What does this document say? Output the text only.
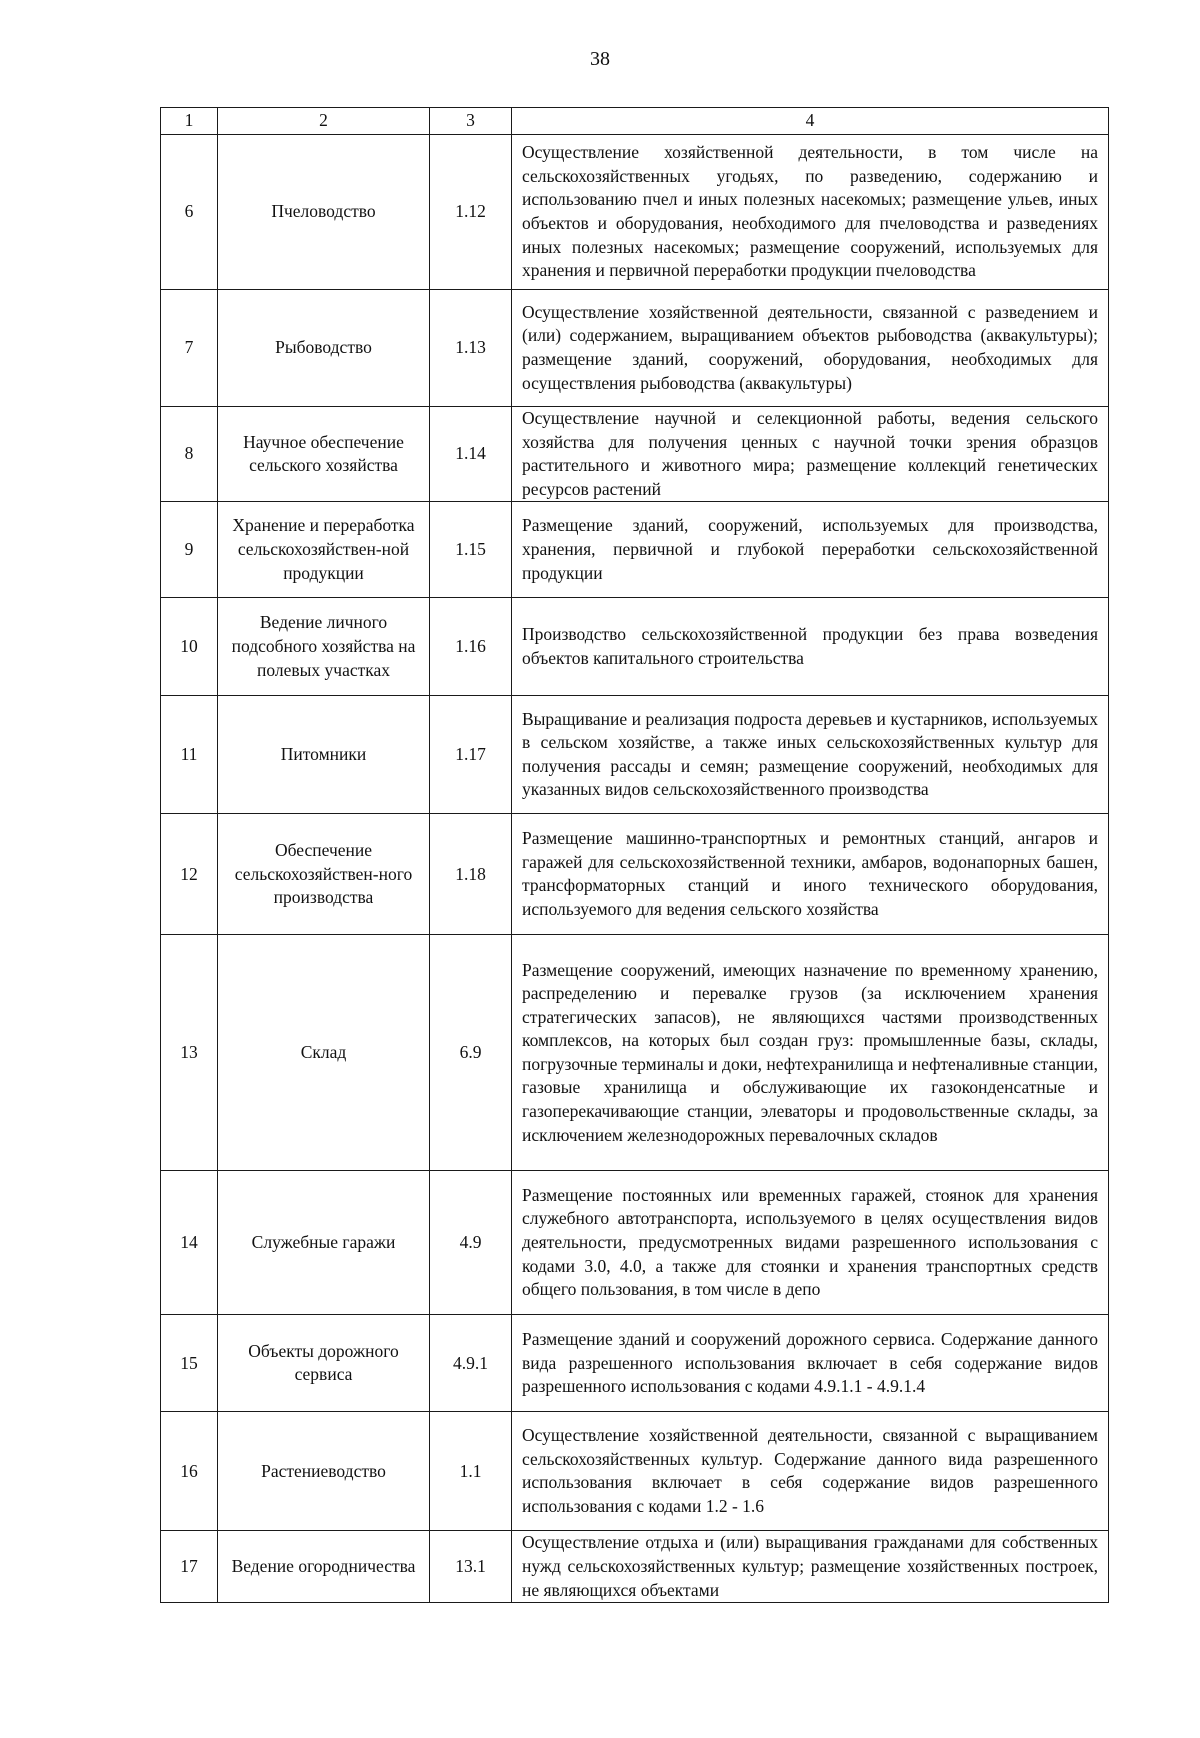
38
1	2	3	4
6	Пчеловодство	1.12	Осуществление хозяйственной деятельности, в том числе на сельскохозяйственных угодьях, по разведению, содержанию и использованию пчел и иных полезных насекомых; размещение ульев, иных объектов и оборудования, необходимого для пчеловодства и разведениях иных полезных насекомых; размещение сооружений, используемых для хранения и первичной переработки продукции пчеловодства
7	Рыбоводство	1.13	Осуществление хозяйственной деятельности, связанной с разведением и (или) содержанием, выращиванием объектов рыбоводства (аквакультуры); размещение зданий, сооружений, оборудования, необходимых для осуществления рыбоводства (аквакультуры)
8	Научное обеспечение сельского хозяйства	1.14	Осуществление научной и селекционной работы, ведения сельского хозяйства для получения ценных с научной точки зрения образцов растительного и животного мира; размещение коллекций генетических ресурсов растений
9	Хранение и переработка сельскохозяйствен-ной продукции	1.15	Размещение зданий, сооружений, используемых для производства, хранения, первичной и глубокой переработки сельскохозяйственной продукции
10	Ведение личного подсобного хозяйства на полевых участках	1.16	Производство сельскохозяйственной продукции без права возведения объектов капитального строительства
11	Питомники	1.17	Выращивание и реализация подроста деревьев и кустарников, используемых в сельском хозяйстве, а также иных сельскохозяйственных культур для получения рассады и семян; размещение сооружений, необходимых для указанных видов сельскохозяйственного производства
12	Обеспечение сельскохозяйствен-ного производства	1.18	Размещение машинно-транспортных и ремонтных станций, ангаров и гаражей для сельскохозяйственной техники, амбаров, водонапорных башен, трансформаторных станций и иного технического оборудования, используемого для ведения сельского хозяйства
13	Склад	6.9	Размещение сооружений, имеющих назначение по временному хранению, распределению и перевалке грузов (за исключением хранения стратегических запасов), не являющихся частями производственных комплексов, на которых был создан груз: промышленные базы, склады, погрузочные терминалы и доки, нефтехранилища и нефтеналивные станции, газовые хранилища и обслуживающие их газоконденсатные и газоперекачивающие станции, элеваторы и продовольственные склады, за исключением железнодорожных перевалочных складов
14	Служебные гаражи	4.9	Размещение постоянных или временных гаражей, стоянок для хранения служебного автотранспорта, используемого в целях осуществления видов деятельности, предусмотренных видами разрешенного использования с кодами 3.0, 4.0, а также для стоянки и хранения транспортных средств общего пользования, в том числе в депо
15	Объекты дорожного сервиса	4.9.1	Размещение зданий и сооружений дорожного сервиса. Содержание данного вида разрешенного использования включает в себя содержание видов разрешенного использования с кодами 4.9.1.1 - 4.9.1.4
16	Растениеводство	1.1	Осуществление хозяйственной деятельности, связанной с выращиванием сельскохозяйственных культур. Содержание данного вида разрешенного использования включает в себя содержание видов разрешенного использования с кодами 1.2 - 1.6
17	Ведение огородничества	13.1	Осуществление отдыха и (или) выращивания гражданами для собственных нужд сельскохозяйственных культур; размещение хозяйственных построек, не являющихся объектами
